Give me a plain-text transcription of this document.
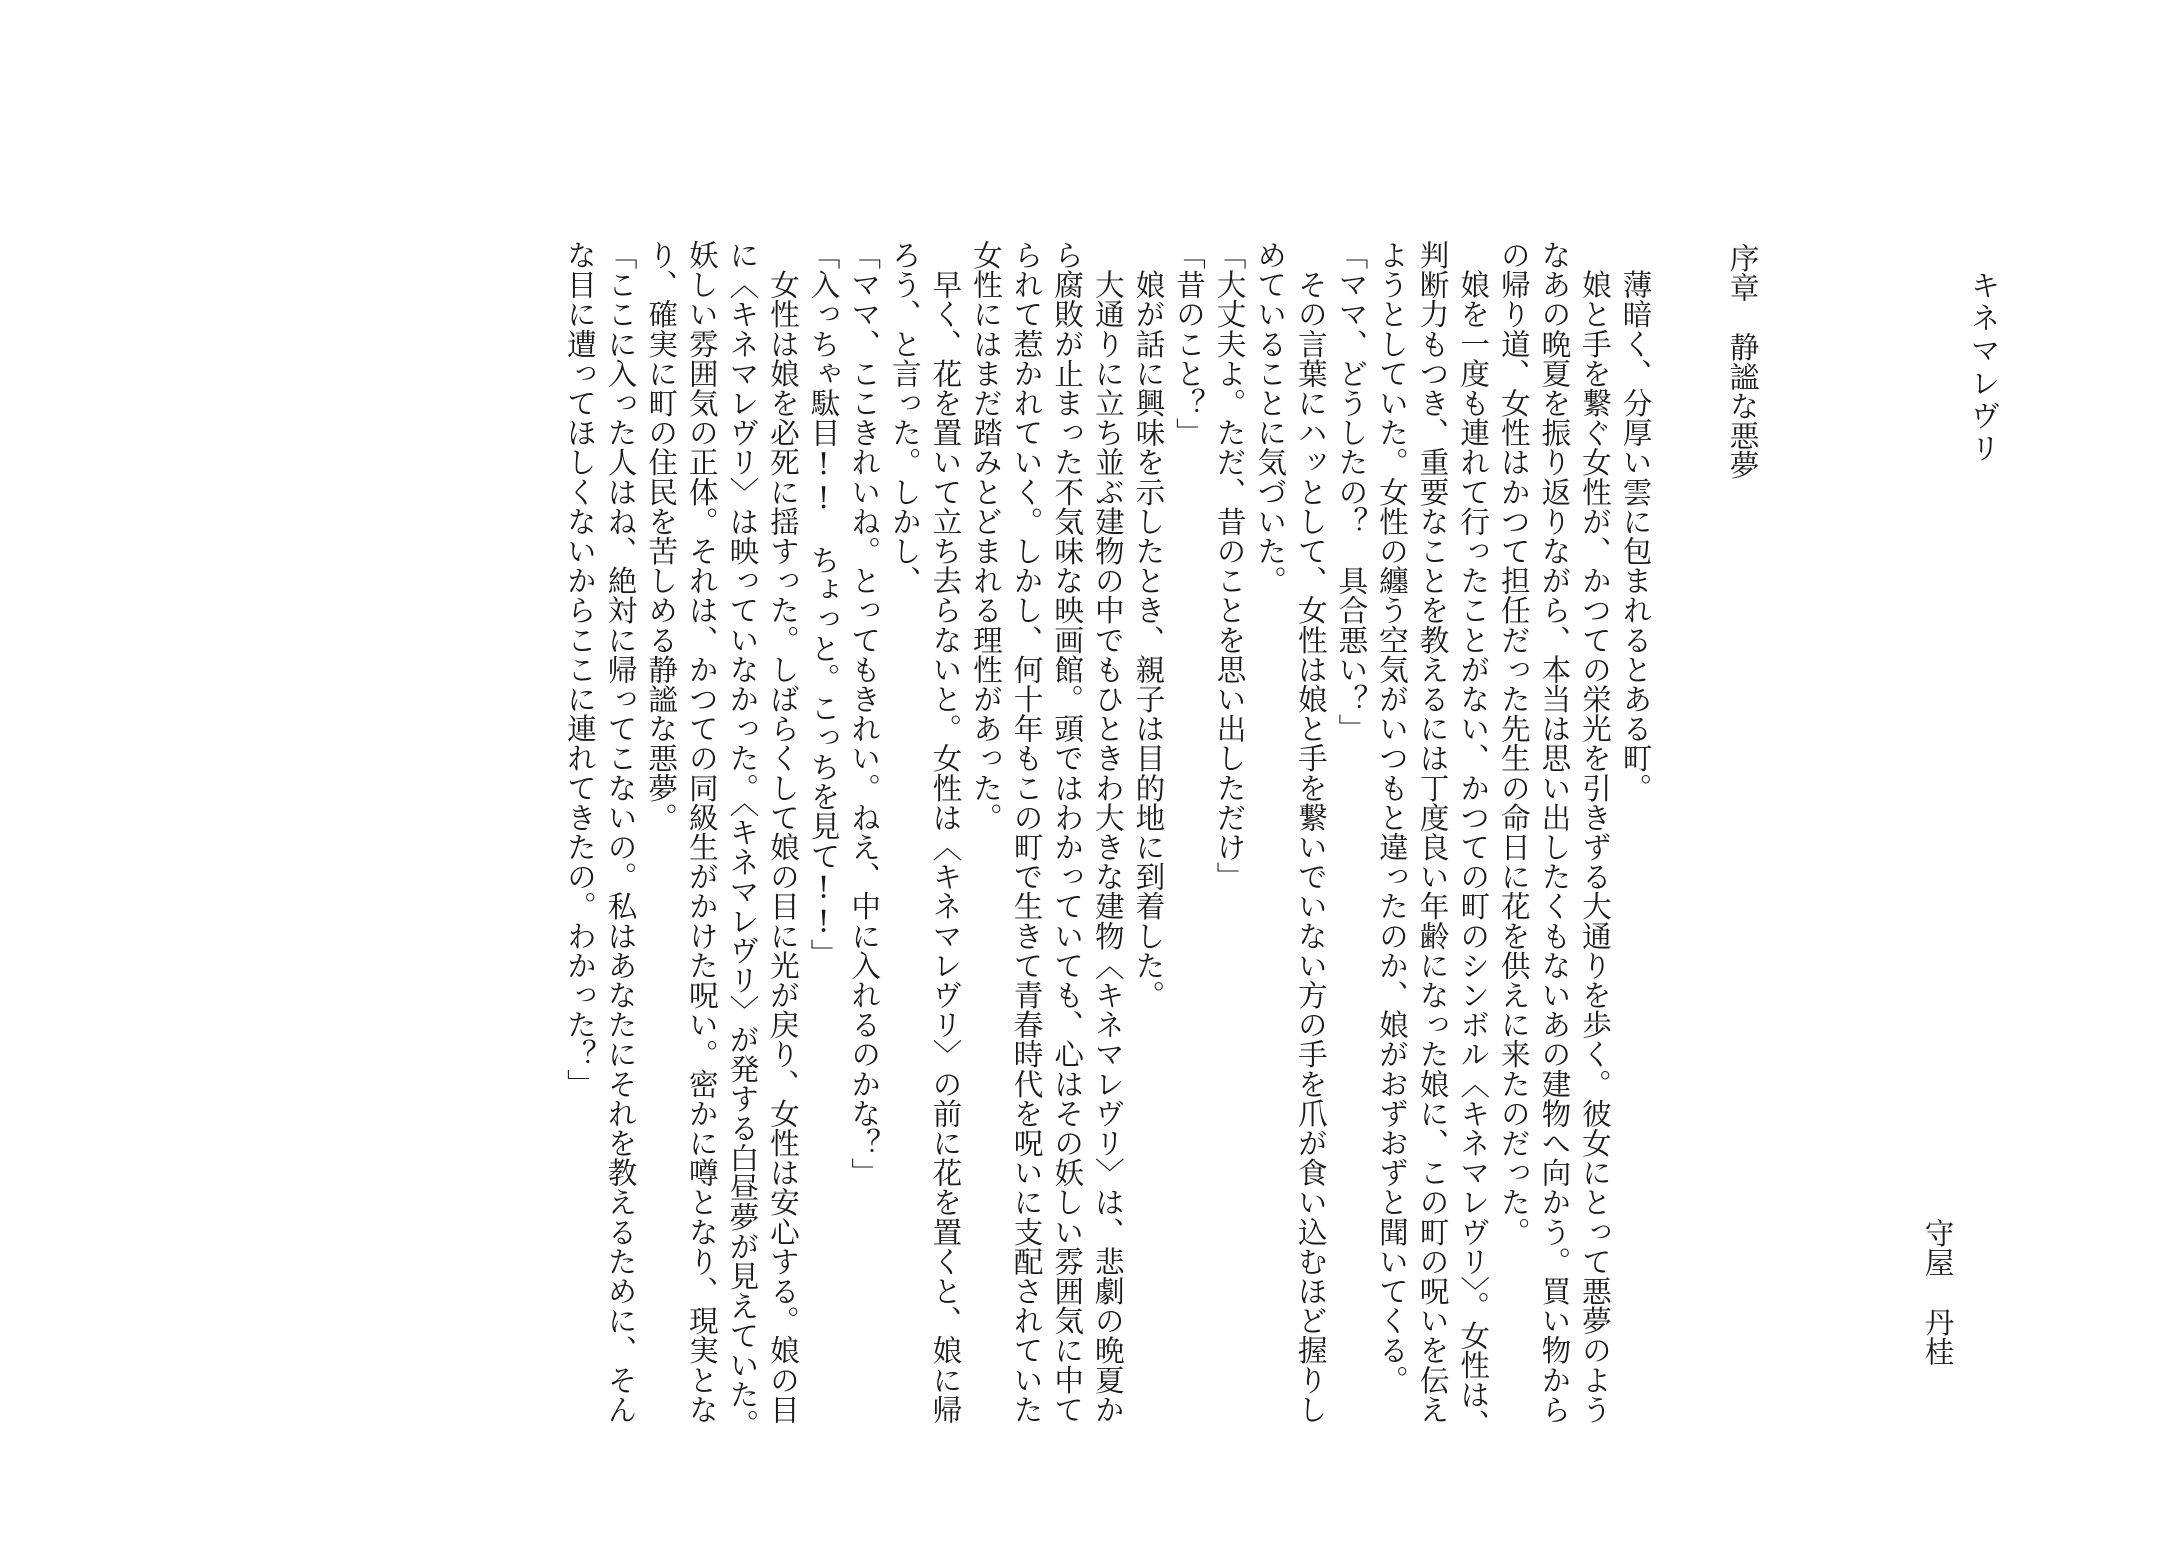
キネマレヴリ
守屋　丹桂
序章　静謐な悪夢
　薄暗く、分厚い雲に包まれるとある町。
　娘と手を繋ぐ女性が、かつての栄光を引きずる大通りを歩く。彼女にとって悪夢のよう
なあの晩夏を振り返りながら、本当は思い出したくもないあの建物へ向かう。買い物から
の帰り道、女性はかつて担任だった先生の命日に花を供えに来たのだった。
　娘を一度も連れて行ったことがない、かつての町のシンボル〈キネマレヴリ〉。女性は、
判断力もつき、重要なことを教えるには丁度良い年齢になった娘に、この町の呪いを伝え
ようとしていた。女性の纏う空気がいつもと違ったのか、娘がおずおずと聞いてくる。
「ママ、どうしたの？　具合悪い？」
　その言葉にハッとして、女性は娘と手を繋いでいない方の手を爪が食い込むほど握りし
めていることに気づいた。
「大丈夫よ。ただ、昔のことを思い出しただけ」
「昔のこと？」
　娘が話に興味を示したとき、親子は目的地に到着した。
　大通りに立ち並ぶ建物の中でもひときわ大きな建物〈キネマレヴリ〉は、悲劇の晩夏か
ら腐敗が止まった不気味な映画館。頭ではわかっていても、心はその妖しい雰囲気に中て
られて惹かれていく。しかし、何十年もこの町で生きて青春時代を呪いに支配されていた
女性にはまだ踏みとどまれる理性があった。
　早く、花を置いて立ち去らないと。女性は〈キネマレヴリ〉の前に花を置くと、娘に帰
ろう、と言った。しかし、
「ママ、ここきれいね。とってもきれい。ねえ、中に入れるのかな？」
「入っちゃ駄目!!　ちょっと。こっちを見て!!」
　女性は娘を必死に揺すった。しばらくして娘の目に光が戻り、女性は安心する。娘の目
に〈キネマレヴリ〉は映っていなかった。〈キネマレヴリ〉が発する白昼夢が見えていた。
妖しい雰囲気の正体。それは、かつての同級生がかけた呪い。密かに噂となり、現実とな
り、確実に町の住民を苦しめる静謐な悪夢。
「ここに入った人はね、絶対に帰ってこないの。私はあなたにそれを教えるために、そん
な目に遭ってほしくないからここに連れてきたの。わかった？」
